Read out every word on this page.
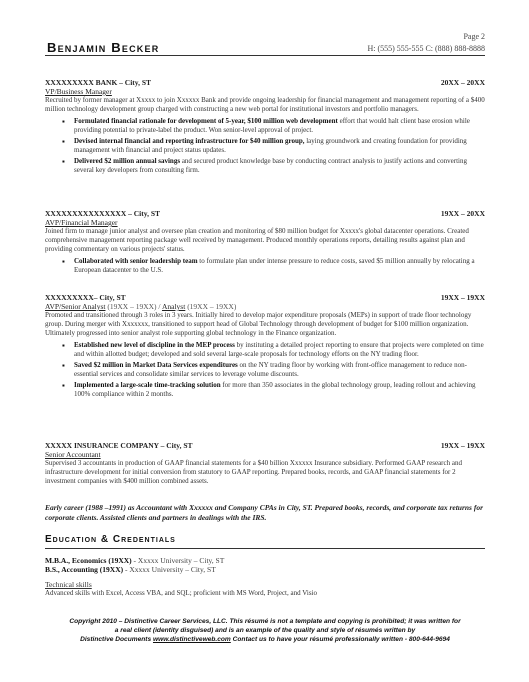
Benjamin Becker
Page 2
H: (555) 555-555 C: (888) 888-8888
XXXXXXXXX BANK – City, ST	20XX – 20XX
VP/Business Manager

Recruited by former manager at Xxxxx to join Xxxxxx Bank and provide ongoing leadership for financial management and management reporting of a $400 million technology development group charged with constructing a new web portal for institutional investors and portfolio managers.

▪ Formulated financial rationale for development of 5-year, $100 million web development effort that would halt client base erosion while providing potential to private-label the product. Won senior-level approval of project.
▪ Devised internal financial and reporting infrastructure for $40 million group, laying groundwork and creating foundation for providing management with financial and project status updates.
▪ Delivered $2 million annual savings and secured product knowledge base by conducting contract analysis to justify actions and converting several key developers from consulting firm.
XXXXXXXXXXXXXXX – City, ST	19XX – 20XX
AVP/Financial Manager

Joined firm to manage junior analyst and oversee plan creation and monitoring of $80 million budget for Xxxxx's global datacenter operations. Created comprehensive management reporting package well received by management. Produced monthly operations reports, detailing results against plan and providing commentary on various projects' status.

▪ Collaborated with senior leadership team to formulate plan under intense pressure to reduce costs, saved $5 million annually by relocating a European datacenter to the U.S.
XXXXXXXXX– City, ST	19XX – 19XX
AVP/Senior Analyst (19XX – 19XX) / Analyst (19XX – 19XX)

Promoted and transitioned through 3 roles in 3 years. Initially hired to develop major expenditure proposals (MEPs) in support of trade floor technology group. During merger with Xxxxxxx, transitioned to support head of Global Technology through development of budget for $100 million organization. Ultimately progressed into senior analyst role supporting global technology in the Finance organization.

▪ Established new level of discipline in the MEP process by instituting a detailed project reporting to ensure that projects were completed on time and within allotted budget; developed and sold several large-scale proposals for technology efforts on the NY trading floor.
▪ Saved $2 million in Market Data Services expenditures on the NY trading floor by working with front-office management to reduce non-essential services and consolidate similar services to leverage volume discounts.
▪ Implemented a large-scale time-tracking solution for more than 350 associates in the global technology group, leading rollout and achieving 100% compliance within 2 months.
XXXXX INSURANCE COMPANY – City, ST	19XX – 19XX
Senior Accountant

Supervised 3 accountants in production of GAAP financial statements for a $40 billion Xxxxxx Insurance subsidiary. Performed GAAP research and infrastructure development for initial conversion from statutory to GAAP reporting. Prepared books, records, and GAAP financial statements for 2 investment companies with $400 million combined assets.

Early career (1988 –1991) as Accountant with Xxxxxx and Company CPAs in City, ST. Prepared books, records, and corporate tax returns for corporate clients. Assisted clients and partners in dealings with the IRS.
Education & Credentials
M.B.A., Economics (19XX) - Xxxxx University – City, ST
B.S., Accounting (19XX) - Xxxxx University – City, ST
Technical skills
Advanced skills with Excel, Access VBA, and SQL; proficient with MS Word, Project, and Visio
Copyright 2010 – Distinctive Career Services, LLC. This résumé is not a template and copying is prohibited; it was written for
a real client (identity disguised) and is an example of the quality and style of résumés written by
Distinctive Documents www.distinctiveweb.com Contact us to have your résumé professionally written - 800-644-9694
